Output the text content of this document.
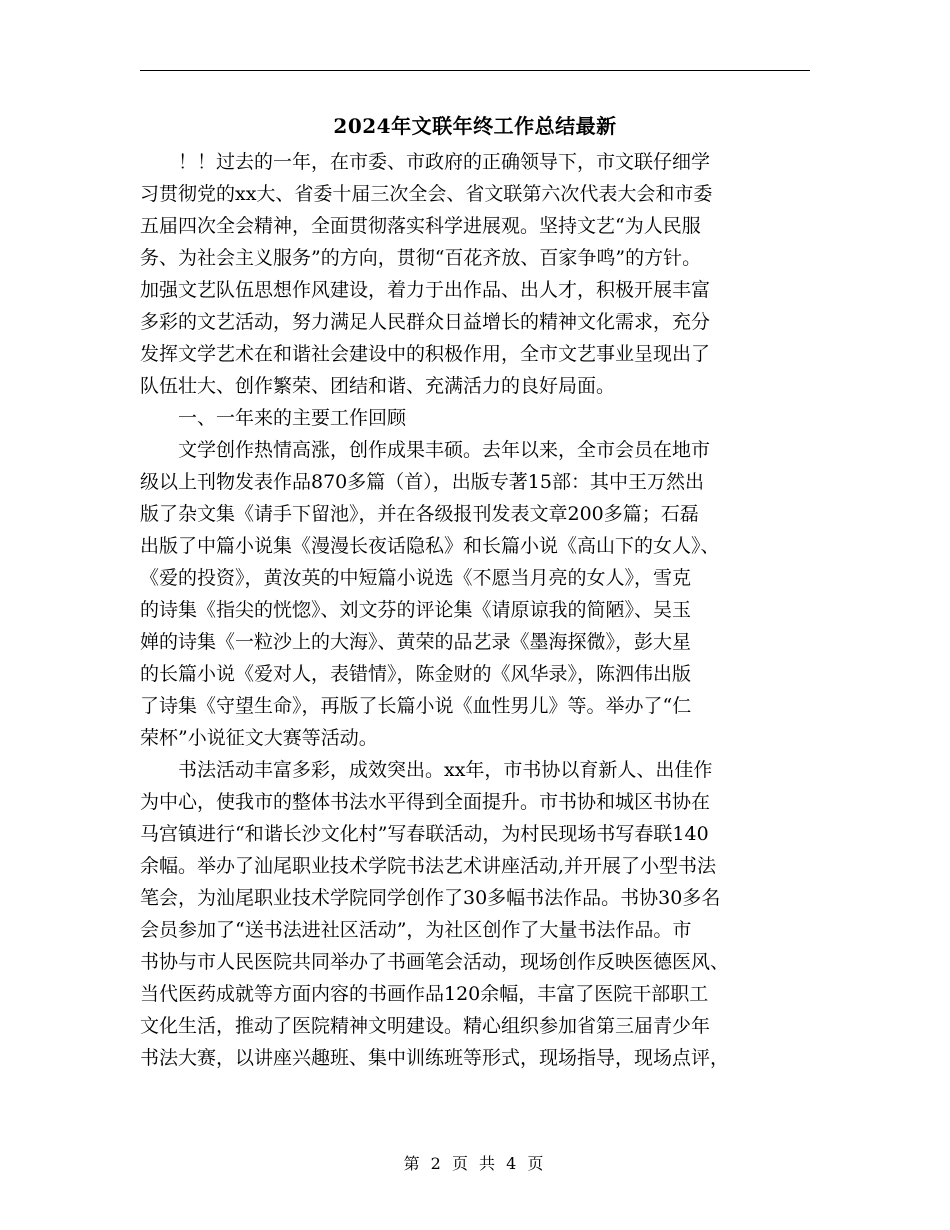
2024年文联年终工作总结最新
！！过去的一年，在市委、市政府的正确领导下，市文联仔细学
习贯彻党的xx大、省委十届三次全会、省文联第六次代表大会和市委
五届四次全会精神，全面贯彻落实科学进展观。坚持文艺“为人民服
务、为社会主义服务”的方向，贯彻“百花齐放、百家争鸣”的方针。
加强文艺队伍思想作风建设，着力于出作品、出人才，积极开展丰富
多彩的文艺活动，努力满足人民群众日益增长的精神文化需求，充分
发挥文学艺术在和谐社会建设中的积极作用，全市文艺事业呈现出了
队伍壮大、创作繁荣、团结和谐、充满活力的良好局面。
一、一年来的主要工作回顾
文学创作热情高涨，创作成果丰硕。去年以来，全市会员在地市
级以上刊物发表作品870多篇（首），出版专著15部：其中王万然出
版了杂文集《请手下留池》，并在各级报刊发表文章200多篇；石磊
出版了中篇小说集《漫漫长夜话隐私》和长篇小说《高山下的女人》、
《爱的投资》，黄汝英的中短篇小说选《不愿当月亮的女人》，雪克
的诗集《指尖的恍惚》、刘文芬的评论集《请原谅我的简陋》、吴玉
婵的诗集《一粒沙上的大海》、黄荣的品艺录《墨海探微》，彭大星
的长篇小说《爱对人，表错情》，陈金财的《风华录》，陈泗伟出版
了诗集《守望生命》，再版了长篇小说《血性男儿》等。举办了“仁
荣杯”小说征文大赛等活动。
书法活动丰富多彩，成效突出。xx年，市书协以育新人、出佳作
为中心，使我市的整体书法水平得到全面提升。市书协和城区书协在
马宫镇进行“和谐长沙文化村”写春联活动，为村民现场书写春联140
余幅。举办了汕尾职业技术学院书法艺术讲座活动,并开展了小型书法
笔会，为汕尾职业技术学院同学创作了30多幅书法作品。书协30多名
会员参加了“送书法进社区活动”，为社区创作了大量书法作品。市
书协与市人民医院共同举办了书画笔会活动，现场创作反映医德医风、
当代医药成就等方面内容的书画作品120余幅，丰富了医院干部职工
文化生活，推动了医院精神文明建设。精心组织参加省第三届青少年
书法大赛，以讲座兴趣班、集中训练班等形式，现场指导，现场点评，
第 2 页 共 4 页
